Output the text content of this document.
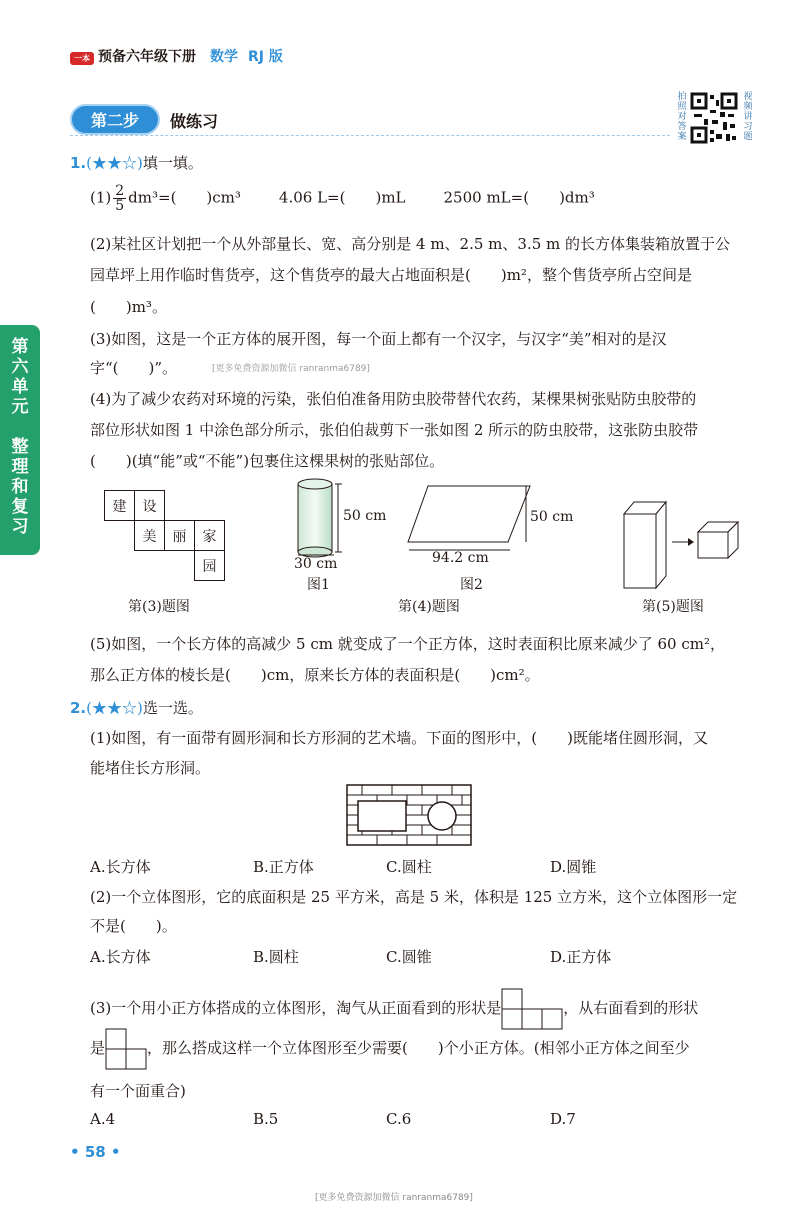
一本 预备六年级下册 数学 RJ 版
第二步	做练习
拍照对答案
视频讲习题
第六单元
整理和复习
1.(★★☆)填一填。
$(1) \frac{2}{5} dm^3=$(　　)cm³	4.06 L=(　　)mL	2500 mL=(　　)dm³
(2)某社区计划把一个从外部量长、宽、高分别是 4 m、2.5 m、3.5 m 的长方体集装箱放置于公
园草坪上用作临时售货亭，这个售货亭的最大占地面积是(　　)m²，整个售货亭所占空间是
(　　)m³。
(3)如图，这是一个正方体的展开图，每一个面上都有一个汉字，与汉字“美”相对的是汉
字“(　　)”。	[更多免费资源加微信 ranranma6789]
(4)为了减少农药对环境的污染，张伯伯准备用防虫胶带替代农药，某棵果树张贴防虫胶带的
部位形状如图 1 中涂色部分所示，张伯伯裁剪下一张如图 2 所示的防虫胶带，这张防虫胶带
(　　)(填“能”或“不能”)包裹住这棵果树的张贴部位。
建	设
美	丽	家
园
第(3)题图
50 cm
30 cm
图1
50 cm
94.2 cm
图2
第(4)题图	第(5)题图
(5)如图，一个长方体的高减少 5 cm 就变成了一个正方体，这时表面积比原来减少了 60 cm²，
那么正方体的棱长是(　　)cm，原来长方体的表面积是(　　)cm²。
2.(★★☆)选一选。
(1)如图，有一面带有圆形洞和长方形洞的艺术墙。下面的图形中，(　　)既能堵住圆形洞，又
能堵住长方形洞。
A.长方体	B.正方体	C.圆柱	D.圆锥
(2)一个立体图形，它的底面积是 25 平方米，高是 5 米，体积是 125 立方米，这个立体图形一定
不是(　　)。
A.长方体	B.圆柱	C.圆锥	D.正方体
(3)一个用小正方体搭成的立体图形，淘气从正面看到的形状是	，从右面看到的形状
是	，那么搭成这样一个立体图形至少需要(　　)个小正方体。(相邻小正方体之间至少
有一个面重合)
A.4	B.5	C.6	D.7
• 58 •
[更多免费资源加微信 ranranma6789]
